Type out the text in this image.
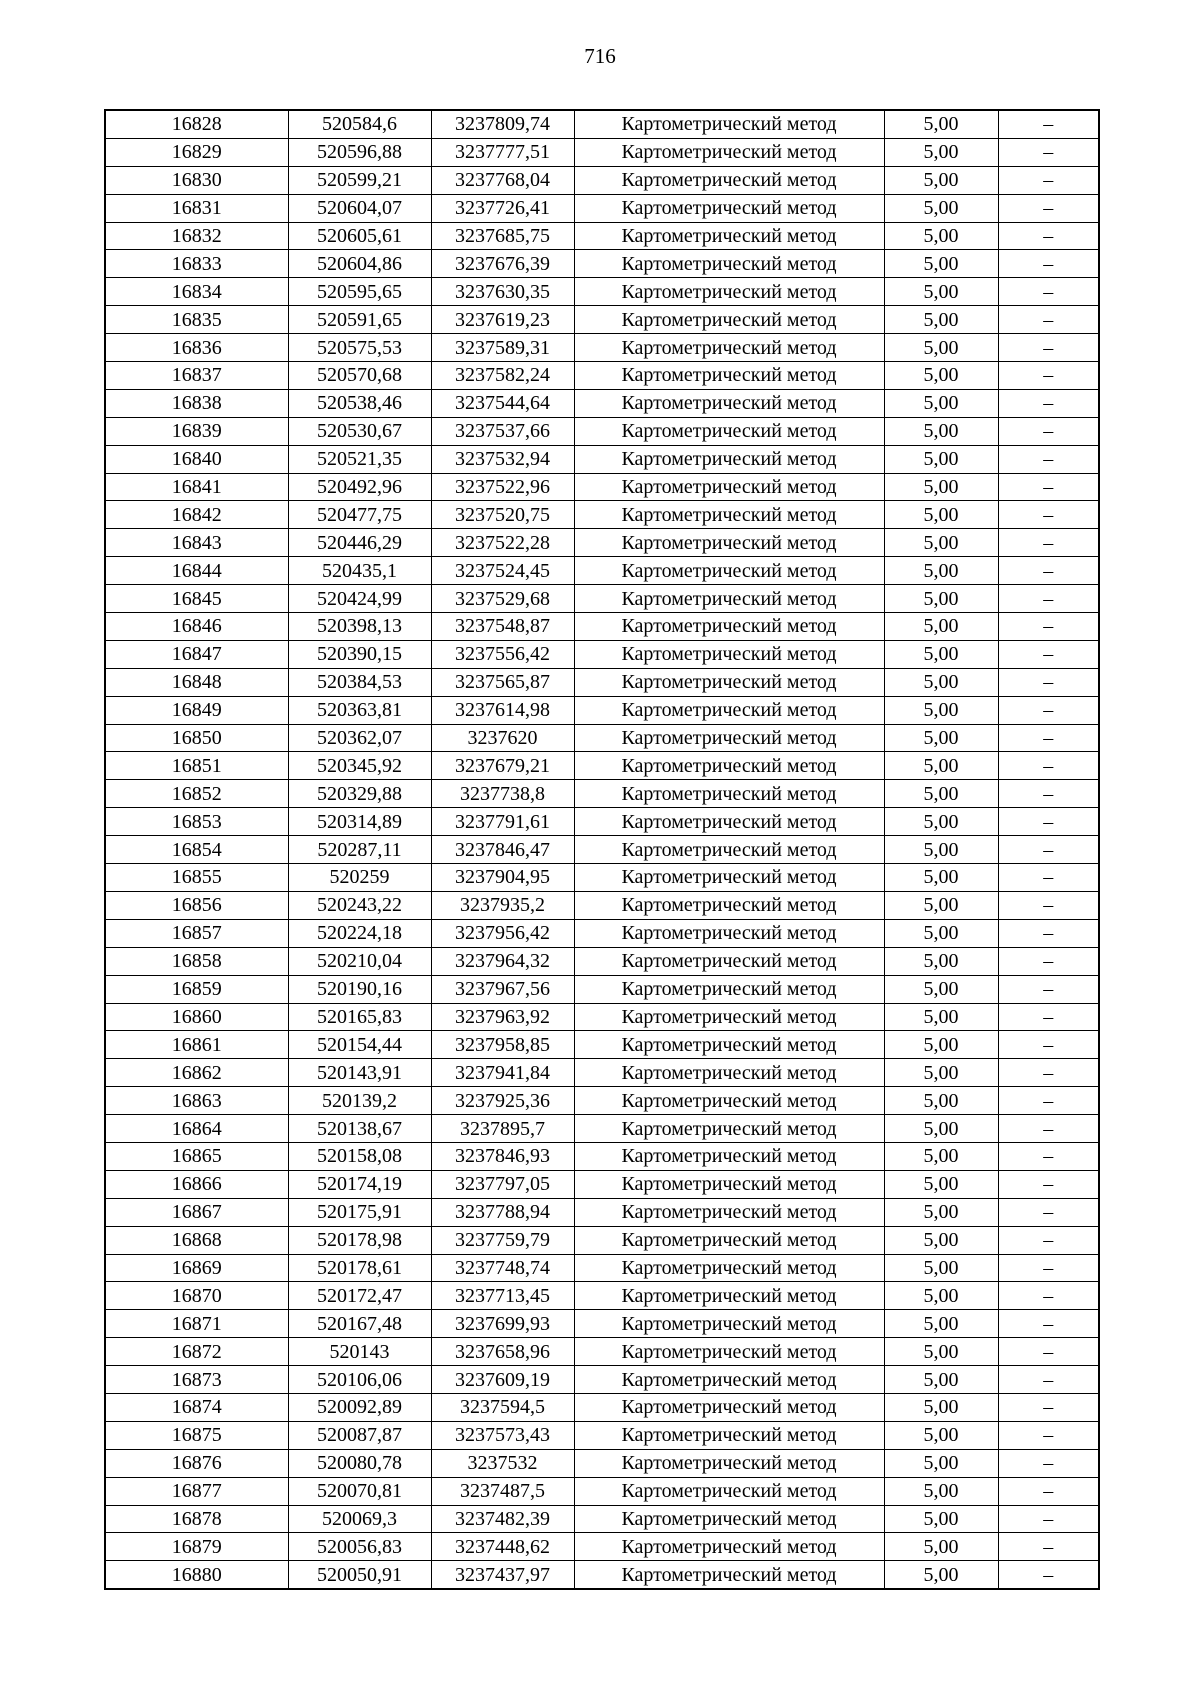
716
16828	520584,6	3237809,74	Картометрический метод	5,00	–
16829	520596,88	3237777,51	Картометрический метод	5,00	–
16830	520599,21	3237768,04	Картометрический метод	5,00	–
16831	520604,07	3237726,41	Картометрический метод	5,00	–
16832	520605,61	3237685,75	Картометрический метод	5,00	–
16833	520604,86	3237676,39	Картометрический метод	5,00	–
16834	520595,65	3237630,35	Картометрический метод	5,00	–
16835	520591,65	3237619,23	Картометрический метод	5,00	–
16836	520575,53	3237589,31	Картометрический метод	5,00	–
16837	520570,68	3237582,24	Картометрический метод	5,00	–
16838	520538,46	3237544,64	Картометрический метод	5,00	–
16839	520530,67	3237537,66	Картометрический метод	5,00	–
16840	520521,35	3237532,94	Картометрический метод	5,00	–
16841	520492,96	3237522,96	Картометрический метод	5,00	–
16842	520477,75	3237520,75	Картометрический метод	5,00	–
16843	520446,29	3237522,28	Картометрический метод	5,00	–
16844	520435,1	3237524,45	Картометрический метод	5,00	–
16845	520424,99	3237529,68	Картометрический метод	5,00	–
16846	520398,13	3237548,87	Картометрический метод	5,00	–
16847	520390,15	3237556,42	Картометрический метод	5,00	–
16848	520384,53	3237565,87	Картометрический метод	5,00	–
16849	520363,81	3237614,98	Картометрический метод	5,00	–
16850	520362,07	3237620	Картометрический метод	5,00	–
16851	520345,92	3237679,21	Картометрический метод	5,00	–
16852	520329,88	3237738,8	Картометрический метод	5,00	–
16853	520314,89	3237791,61	Картометрический метод	5,00	–
16854	520287,11	3237846,47	Картометрический метод	5,00	–
16855	520259	3237904,95	Картометрический метод	5,00	–
16856	520243,22	3237935,2	Картометрический метод	5,00	–
16857	520224,18	3237956,42	Картометрический метод	5,00	–
16858	520210,04	3237964,32	Картометрический метод	5,00	–
16859	520190,16	3237967,56	Картометрический метод	5,00	–
16860	520165,83	3237963,92	Картометрический метод	5,00	–
16861	520154,44	3237958,85	Картометрический метод	5,00	–
16862	520143,91	3237941,84	Картометрический метод	5,00	–
16863	520139,2	3237925,36	Картометрический метод	5,00	–
16864	520138,67	3237895,7	Картометрический метод	5,00	–
16865	520158,08	3237846,93	Картометрический метод	5,00	–
16866	520174,19	3237797,05	Картометрический метод	5,00	–
16867	520175,91	3237788,94	Картометрический метод	5,00	–
16868	520178,98	3237759,79	Картометрический метод	5,00	–
16869	520178,61	3237748,74	Картометрический метод	5,00	–
16870	520172,47	3237713,45	Картометрический метод	5,00	–
16871	520167,48	3237699,93	Картометрический метод	5,00	–
16872	520143	3237658,96	Картометрический метод	5,00	–
16873	520106,06	3237609,19	Картометрический метод	5,00	–
16874	520092,89	3237594,5	Картометрический метод	5,00	–
16875	520087,87	3237573,43	Картометрический метод	5,00	–
16876	520080,78	3237532	Картометрический метод	5,00	–
16877	520070,81	3237487,5	Картометрический метод	5,00	–
16878	520069,3	3237482,39	Картометрический метод	5,00	–
16879	520056,83	3237448,62	Картометрический метод	5,00	–
16880	520050,91	3237437,97	Картометрический метод	5,00	–
